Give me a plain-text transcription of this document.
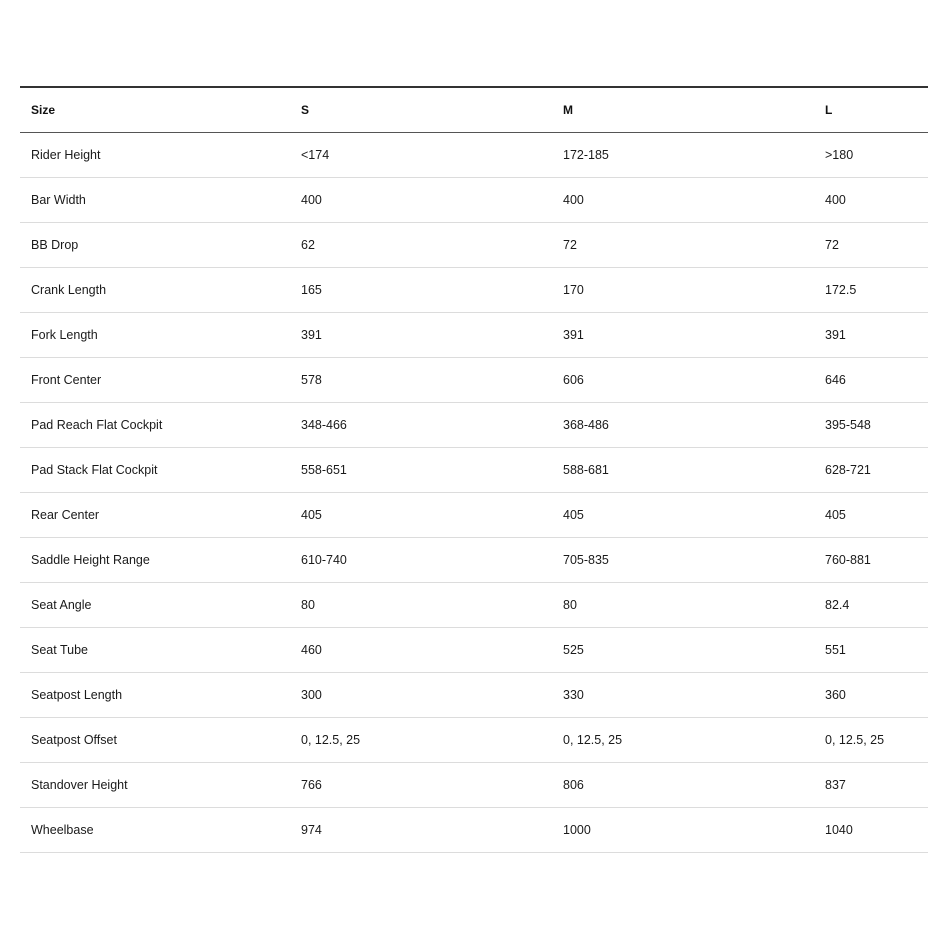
Size	S	M	L
Rider Height	<174	172-185	>180
Bar Width	400	400	400
BB Drop	62	72	72
Crank Length	165	170	172.5
Fork Length	391	391	391
Front Center	578	606	646
Pad Reach Flat Cockpit	348-466	368-486	395-548
Pad Stack Flat Cockpit	558-651	588-681	628-721
Rear Center	405	405	405
Saddle Height Range	610-740	705-835	760-881
Seat Angle	80	80	82.4
Seat Tube	460	525	551
Seatpost Length	300	330	360
Seatpost Offset	0, 12.5, 25	0, 12.5, 25	0, 12.5, 25
Standover Height	766	806	837
Wheelbase	974	1000	1040
